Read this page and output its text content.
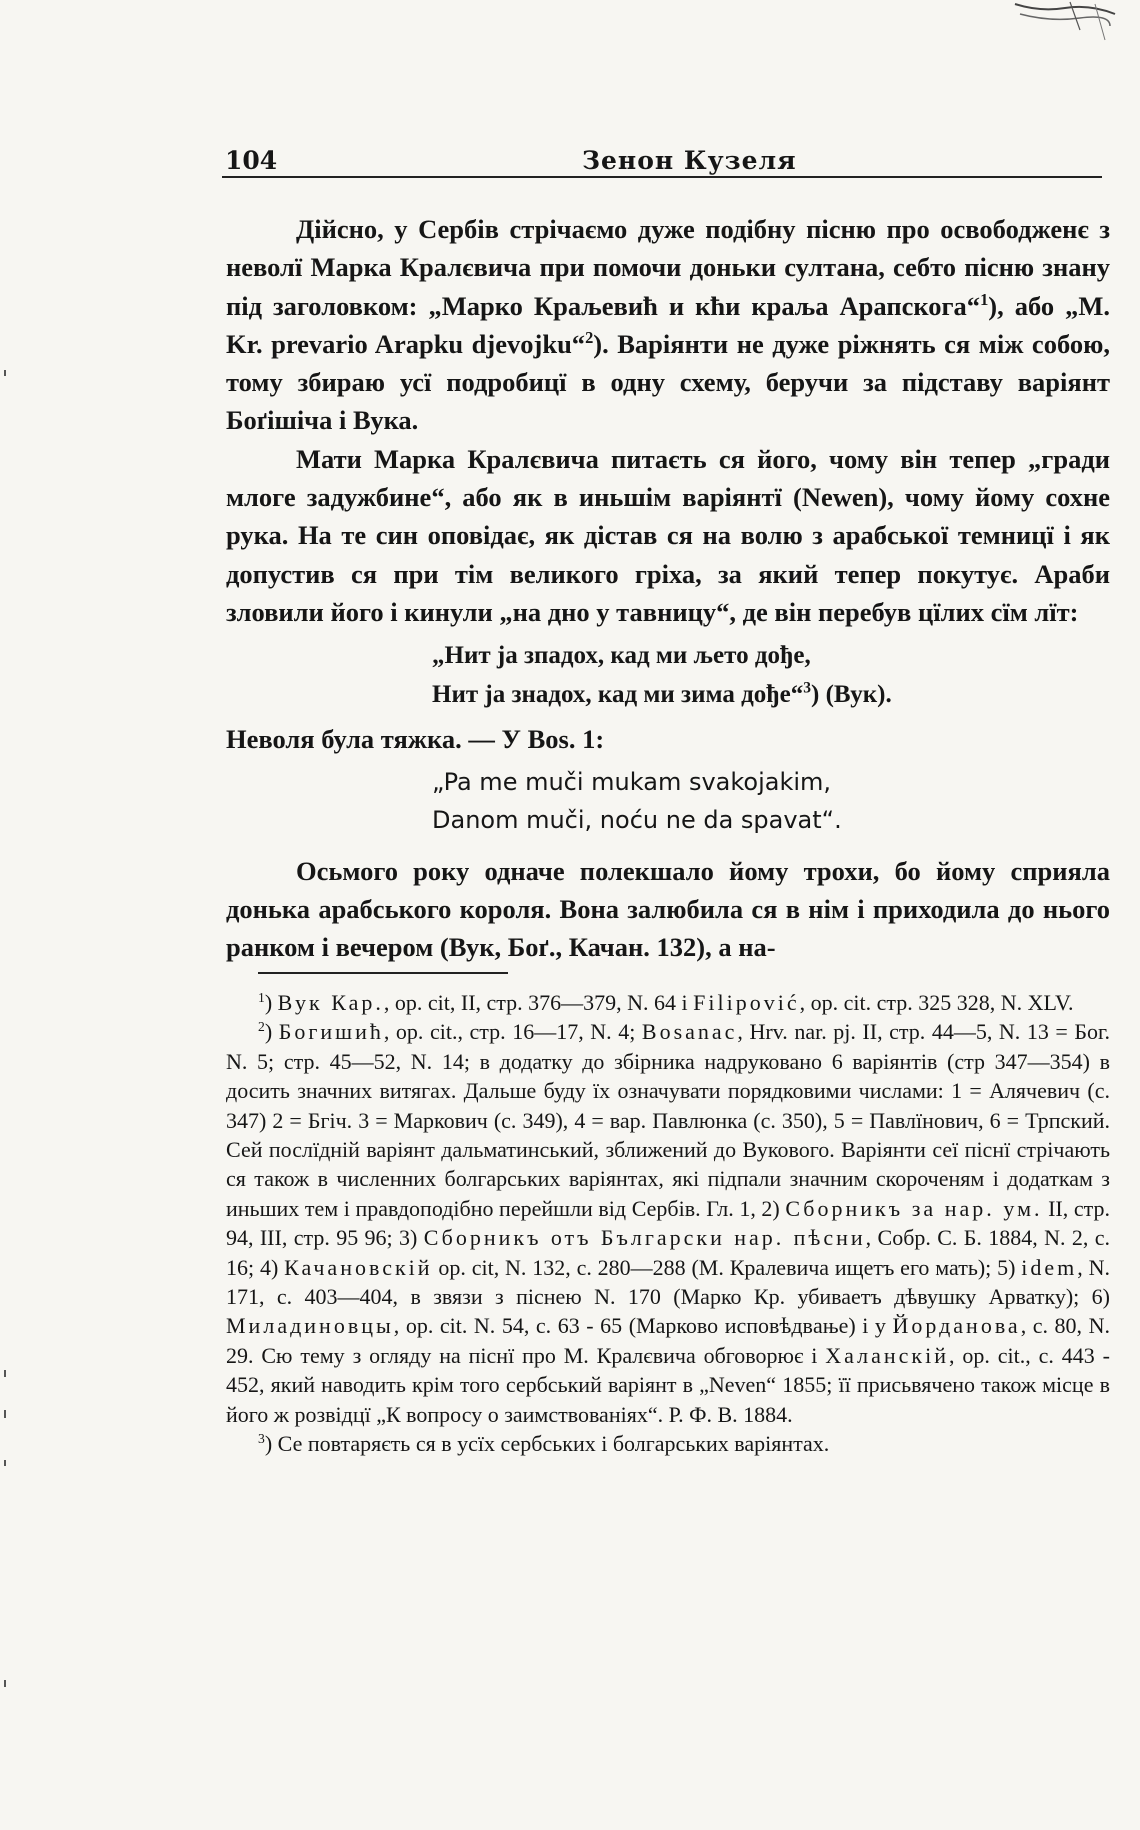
104	Зенон Кузеля

Дійсно, у Сербів стрічаємо дуже подібну пісню про освободженє з неволї Марка Кралєвича при помочи доньки султана, себто пісню знану під заголовком: „Марко Краљевић и кћи краља Арапскога“$^1$), або „M. Kr. prevario Arapku djevojku“$^2$). Варіянти не дуже ріжнять ся між собою, тому збираю усї подробицї в одну схему, беручи за підставу варіянт Боґішіча і Вука.

Мати Марка Кралєвича питаєть ся його, чому він тепер „гради млоге задужбине“, або як в иньшім варіянтї (Newen), чому йому сохне рука. На те син оповідає, як дістав ся на волю з арабської темницї і як допустив ся при тім великого гріха, за який тепер покутує. Араби зловили його і кинули „на дно у тавницу“, де він перебув цїлих сїм лїт:

„Нит ја зпадох, кад ми љето дође,
Нит ја знадох, кад ми зима дође“$^3$) (Вук).

Неволя була тяжка. — У Bos. 1:

„Pa me muči mukam svakojakim,
Danom muči, noću ne da spavat“.

Осьмого року одначе полекшало йому трохи, бо йому сприяла донька арабського короля. Вона залюбила ся в нім і приходила до нього ранком і вечером (Вук, Боґ., Качан. 132), а на-

$^1$) Вук Кар., op. cit, II, стр. 376—379, N. 64 і Filipović, op. cit. стр. 325 328, N. XLV.

$^2$) Богишић, op. cit., стр. 16—17, N. 4; Bosanac, Hrv. nar. pj. II, стр. 44—5, N. 13 = Бог. N. 5; стр. 45—52, N. 14; в додатку до збірника надруковано 6 варіянтів (стр 347—354) в досить значних витягах. Дальше буду їх означувати порядковими числами: 1 = Алячевич (с. 347) 2 = Бгіч. 3 = Маркович (с. 349), 4 = вар. Павлюнка (с. 350), 5 = Павлїнович, 6 = Трпский. Сей послїдній варіянт дальматинський, зближений до Вукового. Варіянти сеї піснї стрічають ся також в численних болгарських варіянтах, які підпали значним скороченям і додаткам з иньших тем і правдоподібно перейшли від Сербів. Гл. 1, 2) Сборникъ за нар. ум. II, стр. 94, III, стр. 95 96; 3) Сборникъ отъ Български нар. пѣсни, Собр. С. Б. 1884, N. 2, с. 16; 4) Качановскій op. cit, N. 132, с. 280—288 (М. Кралевича ищетъ его мать); 5) idem, N. 171, с. 403—404, в звязи з піснею N. 170 (Марко Кр. убиваетъ дѣвушку Арватку); 6) Миладиновцы, op. cit. N. 54, с. 63 - 65 (Марково исповѣдвaњe) і у Йорданова, с. 80, N. 29. Сю тему з огляду на піснї про М. Кралєвича обговорює і Халанскій, op. cit., с. 443 - 452, який наводить крім того сербський варіянт в „Neven“ 1855; її присьвячено також місце в його ж розвідцї „К вопросу о заимствованіях“. Р. Ф. В. 1884.

$^3$) Се повтаряєть ся в усїх сербських і болгарських варіянтах.
